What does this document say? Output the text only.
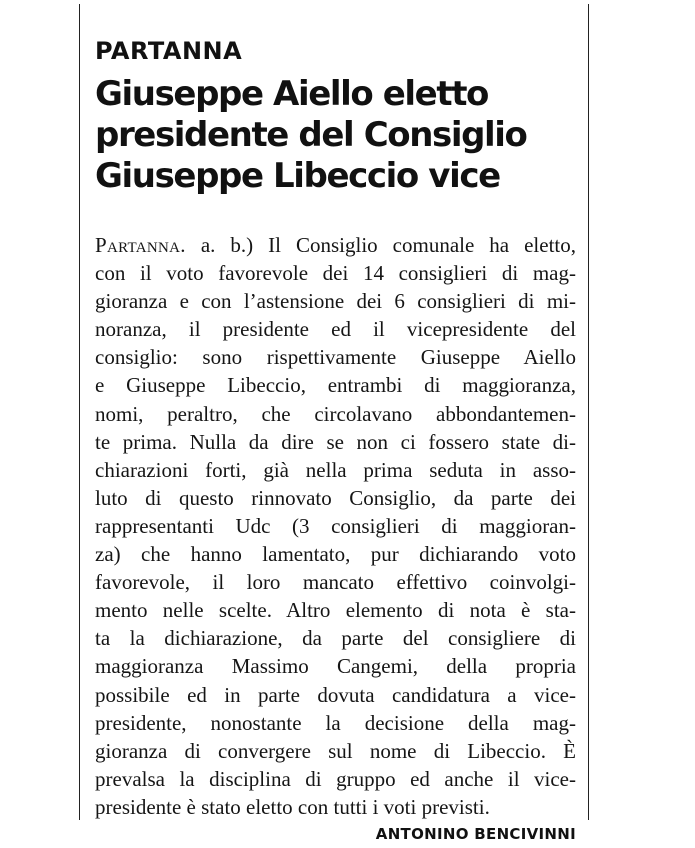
PARTANNA
Giuseppe Aiello eletto
presidente del Consiglio
Giuseppe Libeccio vice
Partanna. a. b.) Il Consiglio comunale ha eletto,
con il voto favorevole dei 14 consiglieri di mag-
gioranza e con l’astensione dei 6 consiglieri di mi-
noranza, il presidente ed il vicepresidente del
consiglio: sono rispettivamente Giuseppe Aiello
e Giuseppe Libeccio, entrambi di maggioranza,
nomi, peraltro, che circolavano abbondantemen-
te prima. Nulla da dire se non ci fossero state di-
chiarazioni forti, già nella prima seduta in asso-
luto di questo rinnovato Consiglio, da parte dei
rappresentanti Udc (3 consiglieri di maggioran-
za) che hanno lamentato, pur dichiarando voto
favorevole, il loro mancato effettivo coinvolgi-
mento nelle scelte. Altro elemento di nota è sta-
ta la dichiarazione, da parte del consigliere di
maggioranza Massimo Cangemi, della propria
possibile ed in parte dovuta candidatura a vice-
presidente, nonostante la decisione della mag-
gioranza di convergere sul nome di Libeccio. È
prevalsa la disciplina di gruppo ed anche il vice-
presidente è stato eletto con tutti i voti previsti.
ANTONINO BENCIVINNI
